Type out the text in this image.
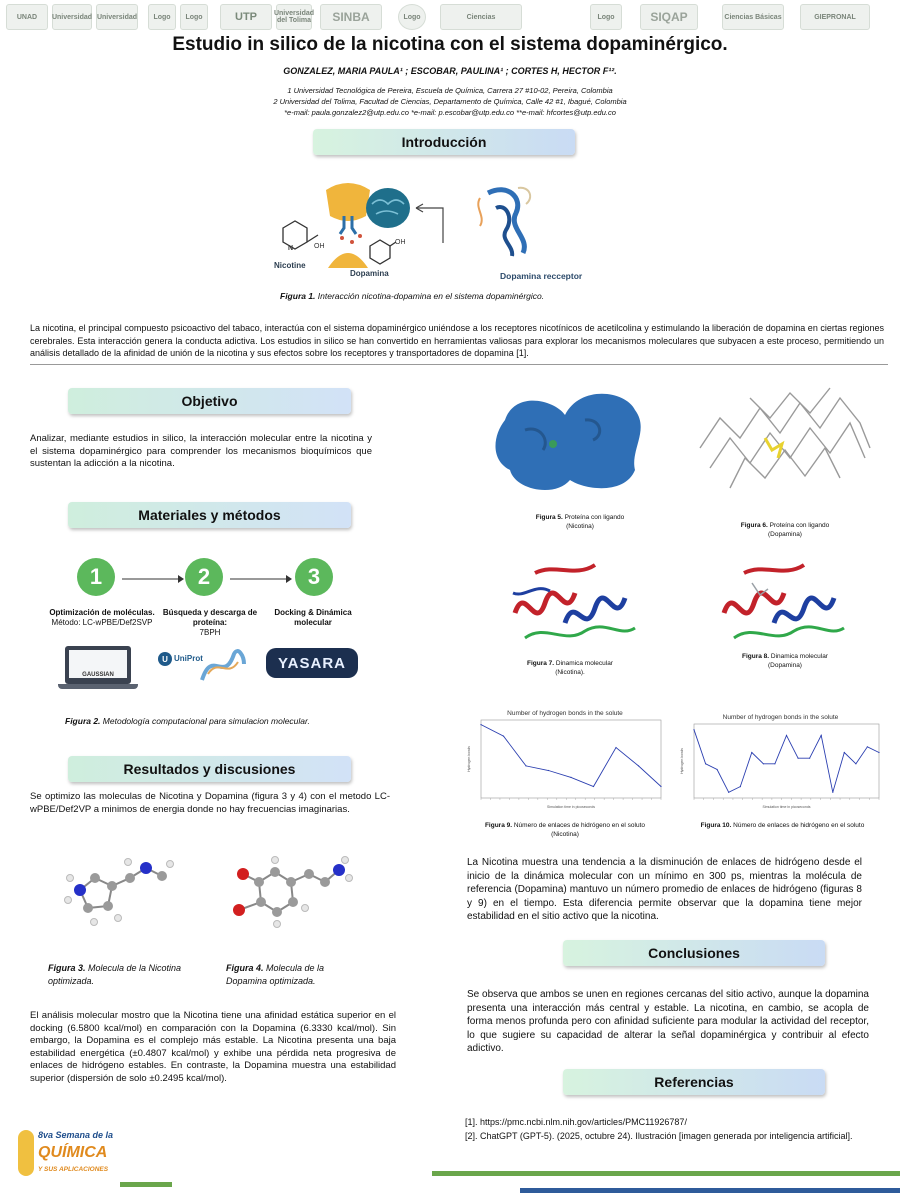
UNAD Universidad Universidad Logo Logo	UTP Universidad del Tolima SINBA	Logo	Ciencias	Logo	SIQAP	Ciencias Básicas	GIEPRONAL
Estudio in silico de la nicotina con el sistema dopaminérgico.
GONZALEZ, MARIA PAULA¹ ; ESCOBAR, PAULINA¹ ; CORTES H, HECTOR F¹².
1 Universidad Tecnológica de Pereira, Escuela de Química, Carrera 27 #10-02, Pereira, Colombia
2 Universidad del Tolima, Facultad de Ciencias, Departamento de Química, Calle 42 #1, Ibagué, Colombia
*e-mail: paula.gonzalez2@utp.edu.co *e-mail: p.escobar@utp.edu.co **e-mail: hfcortes@utp.edu.co
Introducción
N	OH
Nicotine
Dopamina
OH
Dopamina recceptor
Figura 1. Interacción nicotina-dopamina en el sistema dopaminérgico.

La nicotina, el principal compuesto psicoactivo del tabaco, interactúa con el sistema dopaminérgico uniéndose a los receptores nicotínicos de acetilcolina y estimulando la liberación de dopamina en ciertas regiones cerebrales. Esta interacción genera la conducta adictiva. Los estudios in silico se han convertido en herramientas valiosas para explorar los mecanismos moleculares que subyacen a este proceso, permitiendo un análisis detallado de la afinidad de unión de la nicotina y sus efectos sobre los receptores y transportadores de dopamina [1].

Objetivo

Analizar, mediante estudios in silico, la interacción molecular entre la nicotina y el sistema dopaminérgico para comprender los mecanismos bioquímicos que sustentan la adicción a la nicotina.

Materiales y métodos
1	2	3
Optimización de moléculas.
Método: LC-wPBE/Def2SVP
Búsqueda y descarga de proteína:
7BPH
Docking & Dinámica molecular
GAUSSIAN
U UniProt	YASARA
Figura 2. Metodología computacional para simulacion molecular.
Resultados y discusiones

Se optimizo las moleculas de Nicotina y Dopamina (figura 3 y 4) con el metodo LC-wPBE/Def2VP a minimos de energia donde no hay frecuencias imaginarias.

Figura 3. Molecula de la Nicotina optimizada.
Figura 4. Molecula de la Dopamina optimizada.

El análisis molecular mostro que la Nicotina tiene una afinidad estática superior en el docking (6.5800 kcal/mol) en comparación con la Dopamina (6.3330 kcal/mol). Sin embargo, la Dopamina es el complejo más estable. La Nicotina presenta una baja estabilidad energética (±0.4807 kcal/mol) y exhibe una pérdida neta progresiva de enlaces de hidrógeno estables. En contraste, la Dopamina muestra una estabilidad superior (dispersión de solo ±0.2495 kcal/mol).

Figura 5. Proteína con ligando
(Nicotina)	Figura 6. Proteína con ligando
(Dopamina)
Figura 7. Dinamica molecular
(Nicotina).
Figura 8. Dinamica molecular
(Dopamina)
Number of hydrogen bonds in the solute
Hydrogen bonds
Simulation time in picoseconds
Number of hydrogen bonds in the solute
Hydrogen bonds
Simulation time in picoseconds
Figura 9. Número de enlaces de hidrógeno en el soluto
(Nicotina)
Figura 10. Número de enlaces de hidrógeno en el soluto

La Nicotina muestra una tendencia a la disminución de enlaces de hidrógeno desde el inicio de la dinámica molecular con un mínimo en 300 ps, mientras la molécula de referencia (Dopamina) mantuvo un número promedio de enlaces de hidrógeno (figuras 8 y 9) en el tiempo. Esta diferencia permite observar que la dopamina tiene mejor estabilidad en el sitio activo que la nicotina.

Conclusiones

Se observa que ambos se unen en regiones cercanas del sitio activo, aunque la dopamina presenta una interacción más central y estable. La nicotina, en cambio, se acopla de forma menos profunda pero con afinidad suficiente para modular la actividad del receptor, lo que sugiere su capacidad de alterar la señal dopaminérgica y contribuir al efecto adictivo.

Referencias
[1]. https://pmc.ncbi.nlm.nih.gov/articles/PMC11926787/
[2]. ChatGPT (GPT-5). (2025, octubre 24). Ilustración [imagen generada por inteligencia artificial].
8va Semana de la
QUÍMICA
Y SUS APLICACIONES
